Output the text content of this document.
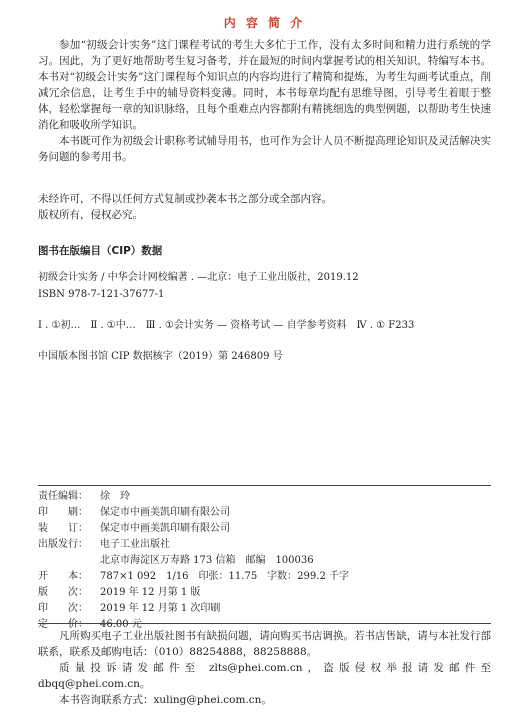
内 容 简 介

参加“初级会计实务”这门课程考试的考生大多忙于工作，没有太多时间和精力进行系统的学习。因此，为了更好地帮助考生复习备考，并在最短的时间内掌握考试的相关知识，特编写本书。本书对“初级会计实务”这门课程每个知识点的内容均进行了精简和提炼，为考生勾画考试重点，削减冗余信息，让考生手中的辅导资料变薄。同时，本书每章均配有思维导图，引导考生着眼于整体，轻松掌握每一章的知识脉络，且每个重难点内容都附有精挑细选的典型例题，以帮助考生快速消化和吸收所学知识。

本书既可作为初级会计职称考试辅导用书，也可作为会计人员不断提高理论知识及灵活解决实务问题的参考用书。

未经许可，不得以任何方式复制或抄袭本书之部分或全部内容。

版权所有，侵权必究。

图书在版编目（CIP）数据

初级会计实务 / 中华会计网校编著 . —北京：电子工业出版社，2019.12

ISBN 978-7-121-37677-1

Ⅰ . ①初…　Ⅱ . ①中…　Ⅲ . ①会计实务 — 资格考试 — 自学参考资料　Ⅳ . ① F233

中国版本图书馆 CIP 数据核字（2019）第 246809 号

责任编辑：	徐　玲
印　　刷：	保定市中画美凯印刷有限公司
装　　订：	保定市中画美凯印刷有限公司
出版发行：	电子工业出版社
北京市海淀区万寿路 173 信箱　邮编　100036
开　　本：	787×1 092　1/16　印张：11.75　字数：299.2 千字
版　　次：	2019 年 12 月第 1 版
印　　次：	2019 年 12 月第 1 次印刷
定　　价：	46.00 元

凡所购买电子工业出版社图书有缺损问题，请向购买书店调换。若书店售缺，请与本社发行部联系，联系及邮购电话：（010）88254888，88258888。

质量投诉请发邮件至 zlts@phei.com.cn，盗版侵权举报请发邮件至 dbqq@phei.com.cn。

本书咨询联系方式：xuling@phei.com.cn。
